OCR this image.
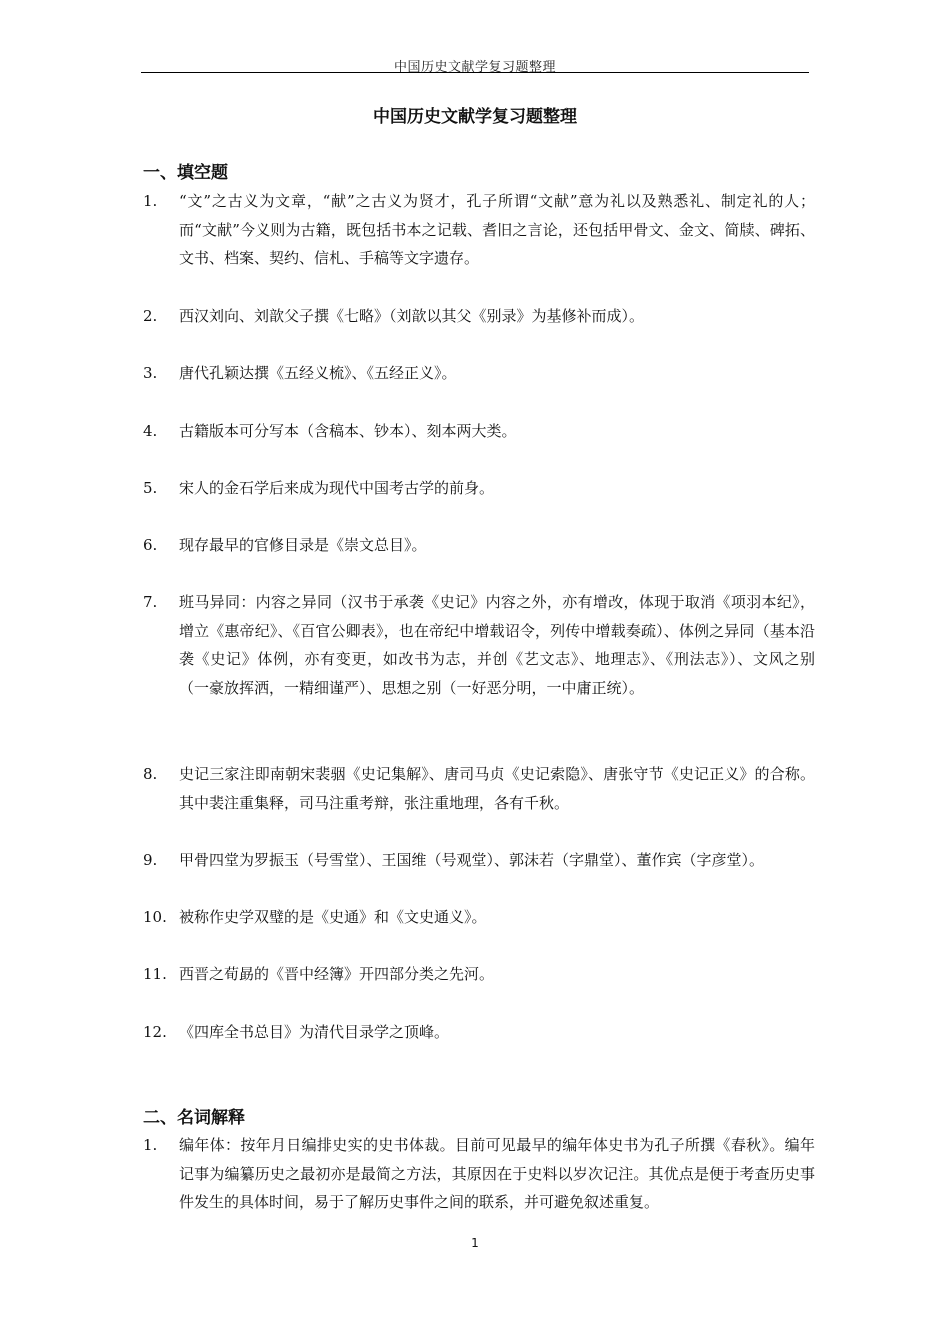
中国历史文献学复习题整理
中国历史文献学复习题整理
一、填空题
1.	“文”之古义为文章，“献”之古义为贤才，孔子所谓“文献”意为礼以及熟悉礼、制定礼的人；而“文献”今义则为古籍，既包括书本之记载、耆旧之言论，还包括甲骨文、金文、简牍、碑拓、文书、档案、契约、信札、手稿等文字遗存。
2.	西汉刘向、刘歆父子撰《七略》（刘歆以其父《别录》为基修补而成）。
3.	唐代孔颖达撰《五经义梳》、《五经正义》。
4.	古籍版本可分写本（含稿本、钞本）、刻本两大类。
5.	宋人的金石学后来成为现代中国考古学的前身。
6.	现存最早的官修目录是《崇文总目》。
7.	班马异同：内容之异同（汉书于承袭《史记》内容之外，亦有增改，体现于取消《项羽本纪》，增立《惠帝纪》、《百官公卿表》，也在帝纪中增载诏令，列传中增载奏疏）、体例之异同（基本沿袭《史记》体例，亦有变更，如改书为志，并创《艺文志》、地理志》、《刑法志》）、文风之别（一豪放挥洒，一精细谨严）、思想之别（一好恶分明，一中庸正统）。
8.	史记三家注即南朝宋裴骃《史记集解》、唐司马贞《史记索隐》、唐张守节《史记正义》的合称。其中裴注重集释，司马注重考辩，张注重地理，各有千秋。
9.	甲骨四堂为罗振玉（号雪堂）、王国维（号观堂）、郭沫若（字鼎堂）、董作宾（字彦堂）。
10. 被称作史学双璧的是《史通》和《文史通义》。
11. 西晋之荀勗的《晋中经簿》开四部分类之先河。
12. 《四库全书总目》为清代目录学之顶峰。
二、名词解释
1.	编年体：按年月日编排史实的史书体裁。目前可见最早的编年体史书为孔子所撰《春秋》。编年记事为编纂历史之最初亦是最简之方法，其原因在于史料以岁次记注。其优点是便于考查历史事件发生的具体时间，易于了解历史事件之间的联系，并可避免叙述重复。
1
